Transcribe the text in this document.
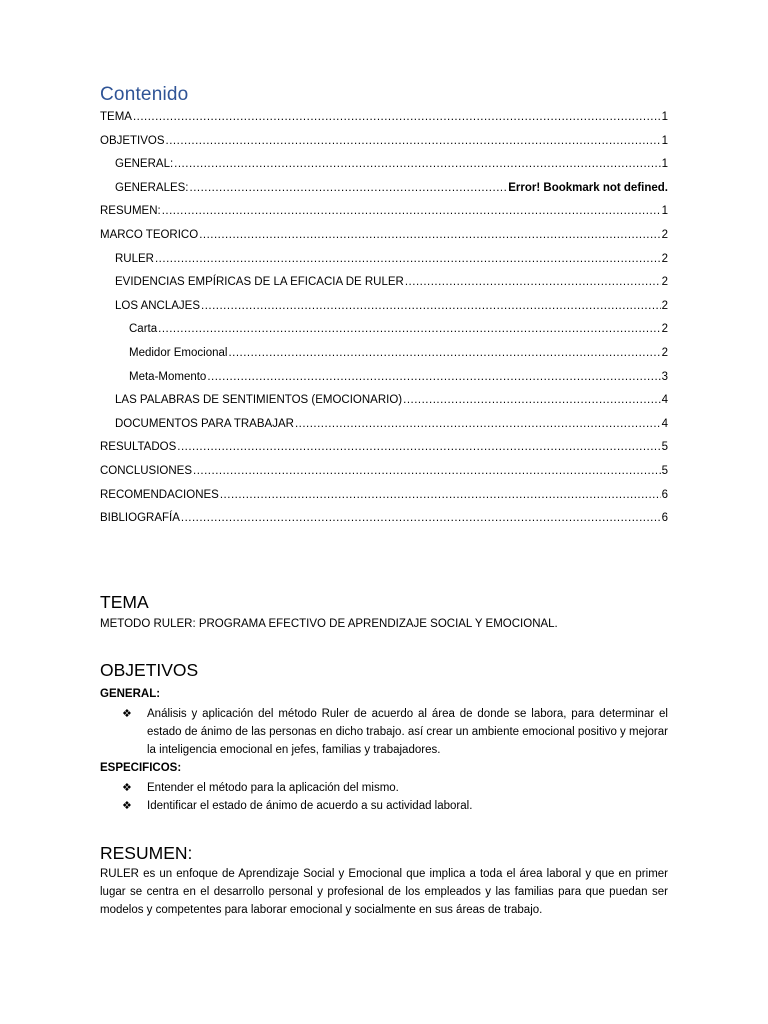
Contenido
TEMA .....	1
OBJETIVOS .....	1
GENERAL: .....	1
GENERALES: .....	Error! Bookmark not defined.
RESUMEN: .....	1
MARCO TEORICO .....	2
RULER .....	2
EVIDENCIAS EMPÍRICAS DE LA EFICACIA DE RULER .....	2
LOS ANCLAJES .....	2
Carta .....	2
Medidor Emocional .....	2
Meta-Momento .....	3
LAS PALABRAS DE SENTIMIENTOS (EMOCIONARIO) .....	4
DOCUMENTOS PARA TRABAJAR .....	4
RESULTADOS .....	5
CONCLUSIONES .....	5
RECOMENDACIONES .....	6
BIBLIOGRAFÍA .....	6
TEMA

METODO RULER: PROGRAMA EFECTIVO DE APRENDIZAJE SOCIAL Y EMOCIONAL.

OBJETIVOS

GENERAL:

❖ Análisis y aplicación del método Ruler de acuerdo al área de donde se labora, para determinar el estado de ánimo de las personas en dicho trabajo. así crear un ambiente emocional positivo y mejorar la inteligencia emocional en jefes, familias y trabajadores.

ESPECIFICOS:

❖ Entender el método para la aplicación del mismo.
❖ Identificar el estado de ánimo de acuerdo a su actividad laboral.
RESUMEN:

RULER es un enfoque de Aprendizaje Social y Emocional que implica a toda el área laboral y que en primer lugar se centra en el desarrollo personal y profesional de los empleados y las familias para que puedan ser modelos y competentes para laborar emocional y socialmente en sus áreas de trabajo.
